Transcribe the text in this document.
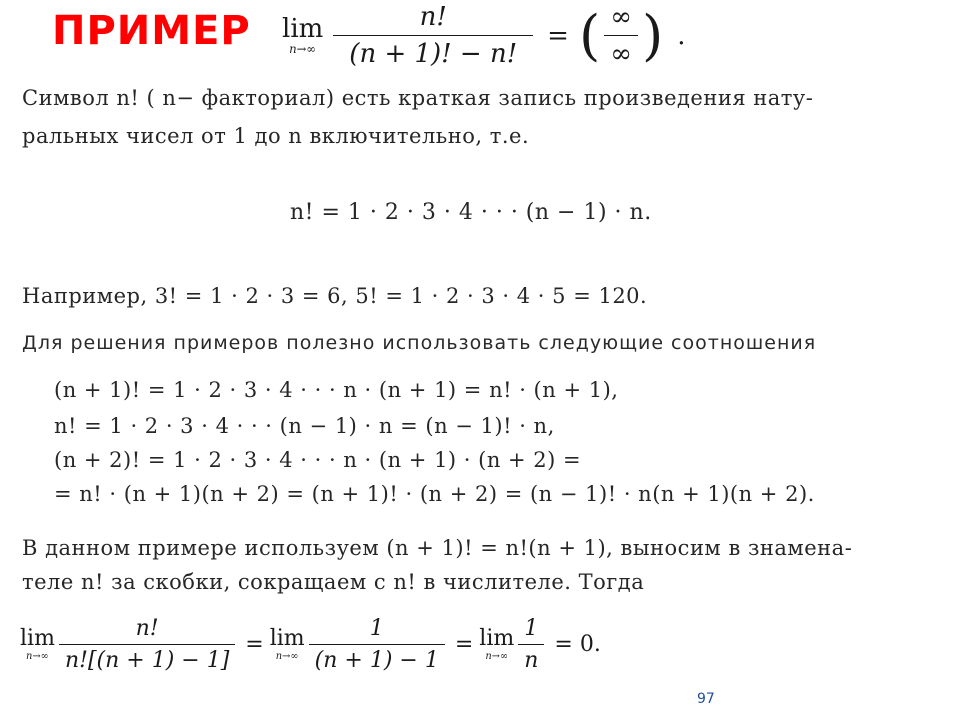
ПРИМЕР lim
$n\to\infty \frac{n!}{(n + 1)! - n!}$ = ( $\frac{\infty}{\infty}$ ) .
Символ n! ( n− факториал) есть краткая запись произведения нату-
ральных чисел от 1 до n включительно, т.е.
n! = 1 · 2 · 3 · 4 · · · (n − 1) · n.
Например, 3! = 1 · 2 · 3 = 6, 5! = 1 · 2 · 3 · 4 · 5 = 120.
Для решения примеров полезно использовать следующие соотношения
(n + 1)! = 1 · 2 · 3 · 4 · · · n · (n + 1) = n! · (n + 1),
n! = 1 · 2 · 3 · 4 · · · (n − 1) · n = (n − 1)! · n,
(n + 2)! = 1 · 2 · 3 · 4 · · · n · (n + 1) · (n + 2) =
= n! · (n + 1)(n + 2) = (n + 1)! · (n + 2) = (n − 1)! · n(n + 1)(n + 2).
В данном примере используем (n + 1)! = n!(n + 1), выносим в знамена-
теле n! за скобки, сокращаем с n! в числителе. Тогда
lim
$n\to\infty \frac{n!}{n![(n + 1) - 1]} = \lim$
$n\to\infty \frac{1}{(n + 1) - 1} = \lim$
$n\to\infty \frac{1}{n} = 0$.
97
